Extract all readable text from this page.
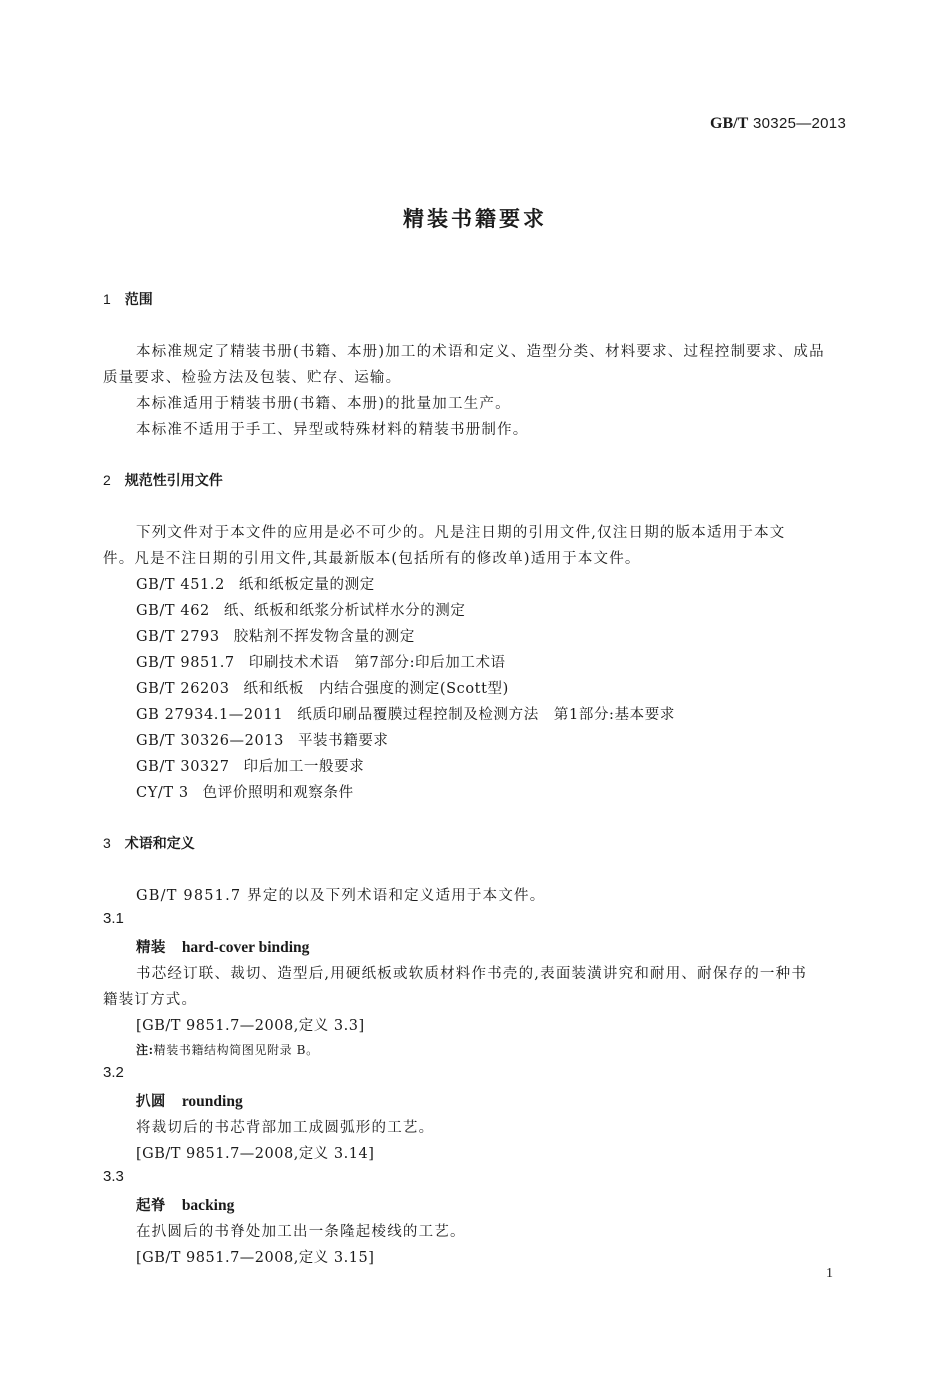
GB/T 30325—2013
精装书籍要求
1 范围
本标准规定了精装书册(书籍、本册)加工的术语和定义、造型分类、材料要求、过程控制要求、成品
质量要求、检验方法及包装、贮存、运输。
本标准适用于精装书册(书籍、本册)的批量加工生产。
本标准不适用于手工、异型或特殊材料的精装书册制作。
2 规范性引用文件
下列文件对于本文件的应用是必不可少的。凡是注日期的引用文件,仅注日期的版本适用于本文
件。凡是不注日期的引用文件,其最新版本(包括所有的修改单)适用于本文件。
GB/T 451.2 纸和纸板定量的测定
GB/T 462 纸、纸板和纸浆分析试样水分的测定
GB/T 2793 胶粘剂不挥发物含量的测定
GB/T 9851.7 印刷技术术语　第7部分:印后加工术语
GB/T 26203 纸和纸板　内结合强度的测定(Scott型)
GB 27934.1—2011 纸质印刷品覆膜过程控制及检测方法　第1部分:基本要求
GB/T 30326—2013 平装书籍要求
GB/T 30327 印后加工一般要求
CY/T 3 色评价照明和观察条件
3 术语和定义
GB/T 9851.7 界定的以及下列术语和定义适用于本文件。
3.1
精装 hard-cover binding
书芯经订联、裁切、造型后,用硬纸板或软质材料作书壳的,表面装潢讲究和耐用、耐保存的一种书
籍装订方式。
[GB/T 9851.7—2008,定义 3.3]
注:精装书籍结构简图见附录 B。
3.2
扒圆 rounding
将裁切后的书芯背部加工成圆弧形的工艺。
[GB/T 9851.7—2008,定义 3.14]
3.3
起脊 backing
在扒圆后的书脊处加工出一条隆起棱线的工艺。
[GB/T 9851.7—2008,定义 3.15]
1
